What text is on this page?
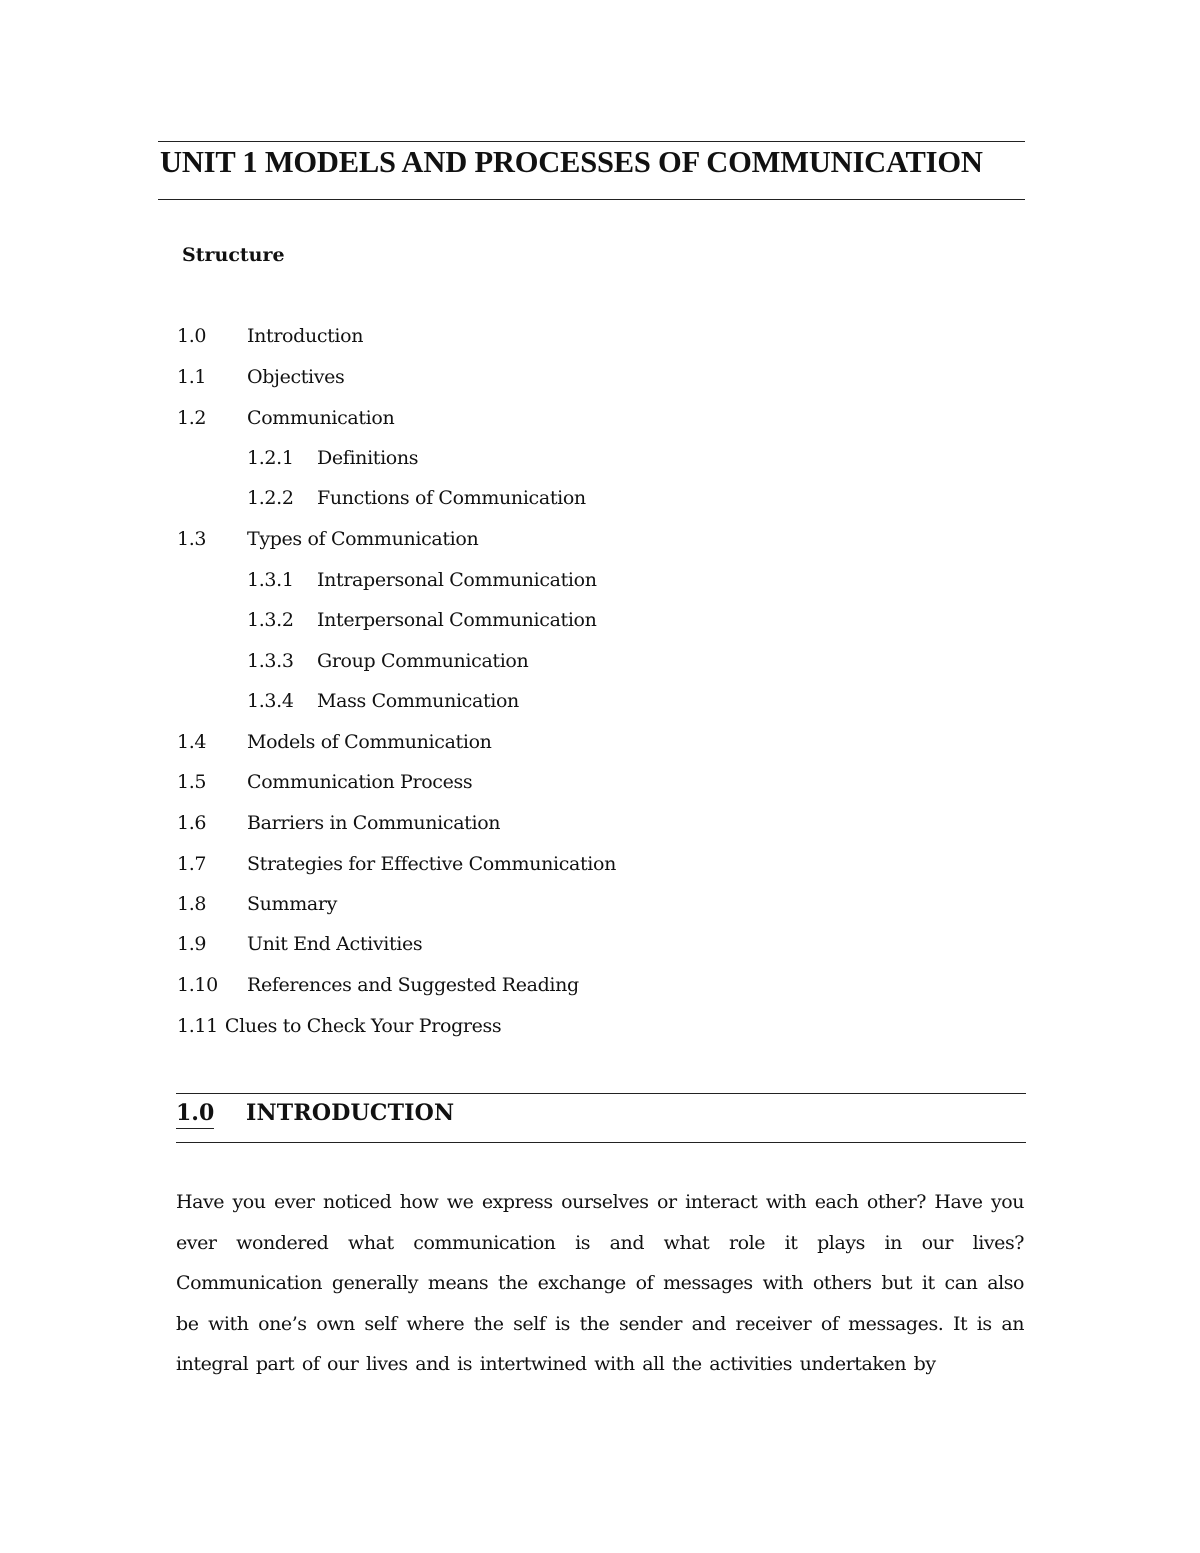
UNIT 1 MODELS AND PROCESSES OF COMMUNICATION
Structure
1.0 Introduction
1.1 Objectives
1.2 Communication
1.2.1 Definitions
1.2.2 Functions of Communication
1.3 Types of Communication
1.3.1 Intrapersonal Communication
1.3.2 Interpersonal Communication
1.3.3 Group Communication
1.3.4 Mass Communication
1.4 Models of Communication
1.5 Communication Process
1.6 Barriers in Communication
1.7 Strategies for Effective Communication
1.8 Summary
1.9 Unit End Activities
1.10 References and Suggested Reading
1.11 Clues to Check Your Progress
1.0 INTRODUCTION

Have you ever noticed how we express ourselves or interact with each other? Have you ever wondered what communication is and what role it plays in our lives? Communication generally means the exchange of messages with others but it can also be with one’s own self where the self is the sender and receiver of messages. It is an integral part of our lives and is intertwined with all the activities undertaken by
